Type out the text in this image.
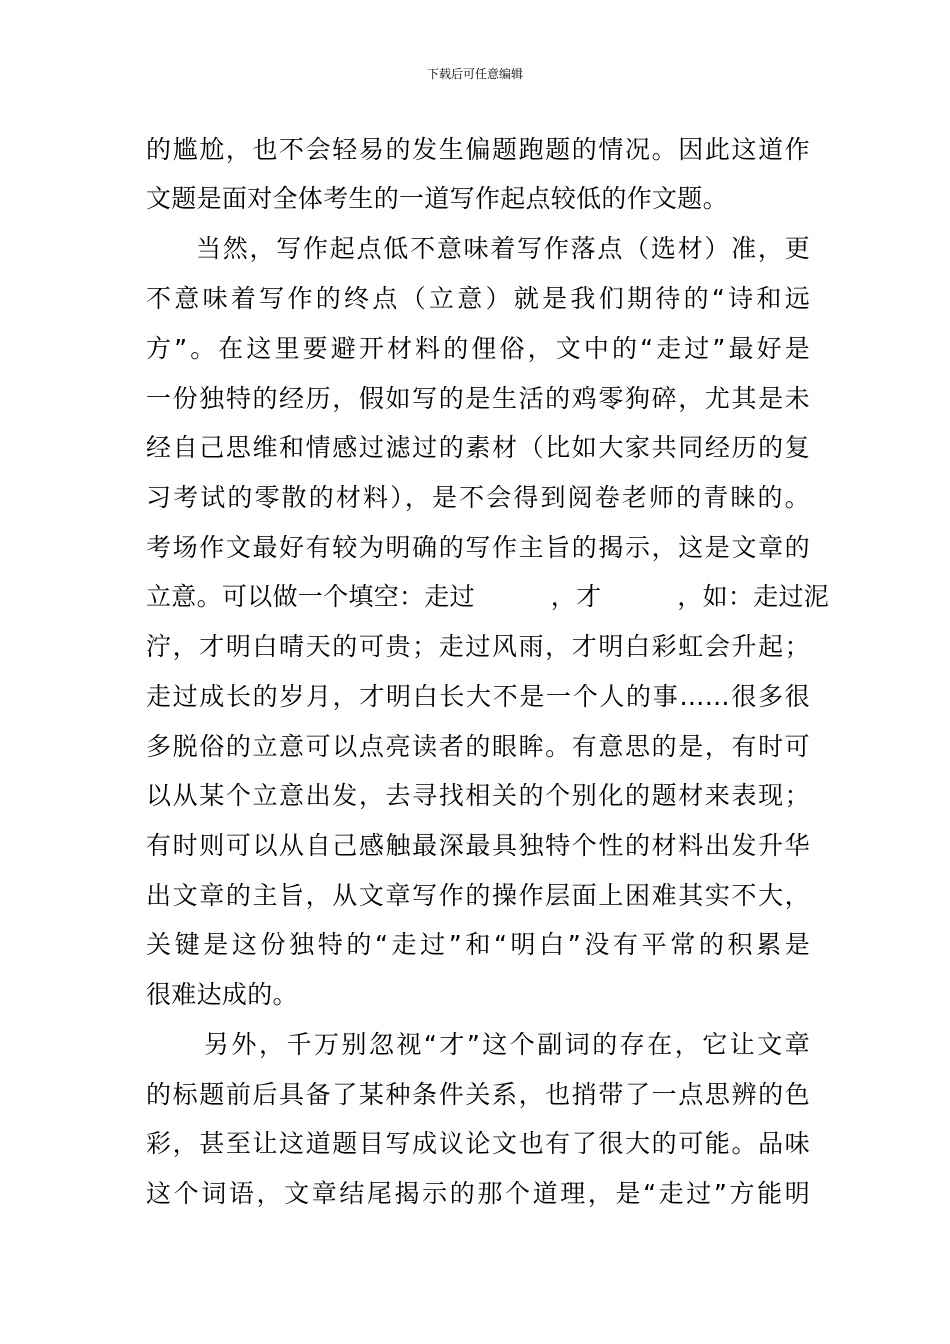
下载后可任意编辑
的尴尬，也不会轻易的发生偏题跑题的情况。因此这道作
文题是面对全体考生的一道写作起点较低的作文题。
当然，写作起点低不意味着写作落点（选材）准，更
不意味着写作的终点（立意）就是我们期待的“诗和远
方”。在这里要避开材料的俚俗，文中的“走过”最好是
一份独特的经历，假如写的是生活的鸡零狗碎，尤其是未
经自己思维和情感过滤过的素材（比如大家共同经历的复
习考试的零散的材料），是不会得到阅卷老师的青睐的。
考场作文最好有较为明确的写作主旨的揭示，这是文章的
立意。可以做一个填空：走过　　　，才　　　，如：走过泥
泞，才明白晴天的可贵；走过风雨，才明白彩虹会升起；
走过成长的岁月，才明白长大不是一个人的事……很多很
多脱俗的立意可以点亮读者的眼眸。有意思的是，有时可
以从某个立意出发，去寻找相关的个别化的题材来表现；
有时则可以从自己感触最深最具独特个性的材料出发升华
出文章的主旨，从文章写作的操作层面上困难其实不大，
关键是这份独特的“走过”和“明白”没有平常的积累是
很难达成的。
另外，千万别忽视“才”这个副词的存在，它让文章
的标题前后具备了某种条件关系，也捎带了一点思辨的色
彩，甚至让这道题目写成议论文也有了很大的可能。品味
这个词语，文章结尾揭示的那个道理，是“走过”方能明
